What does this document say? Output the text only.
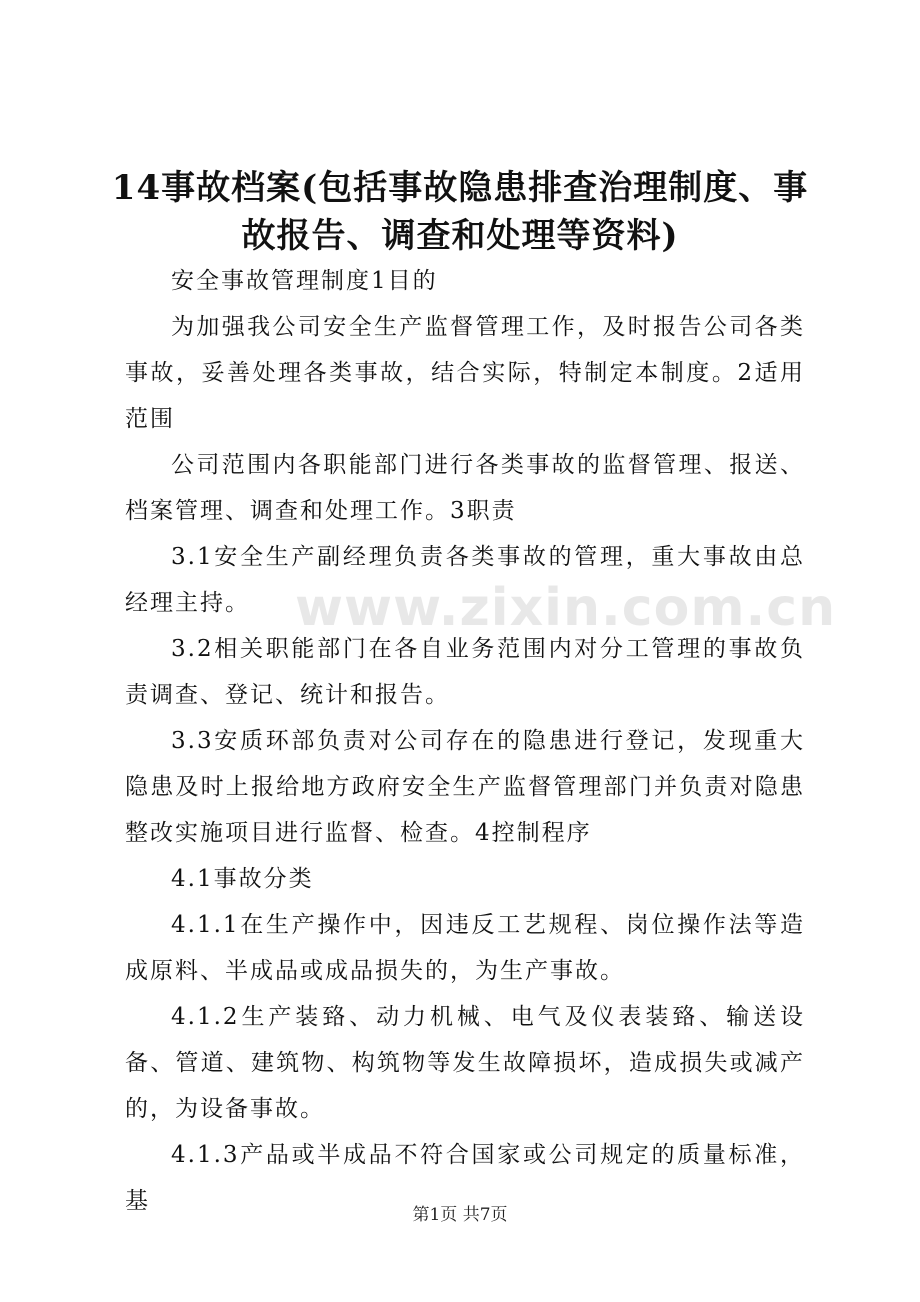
14事故档案(包括事故隐患排查治理制度、事故报告、调查和处理等资料)

安全事故管理制度1目的

为加强我公司安全生产监督管理工作，及时报告公司各类事故，妥善处理各类事故，结合实际，特制定本制度。2适用范围

公司范围内各职能部门进行各类事故的监督管理、报送、档案管理、调查和处理工作。3职责

3.1安全生产副经理负责各类事故的管理，重大事故由总经理主持。

3.2相关职能部门在各自业务范围内对分工管理的事故负责调查、登记、统计和报告。

3.3安质环部负责对公司存在的隐患进行登记，发现重大隐患及时上报给地方政府安全生产监督管理部门并负责对隐患整改实施项目进行监督、检查。4控制程序

4.1事故分类

4.1.1在生产操作中，因违反工艺规程、岗位操作法等造成原料、半成品或成品损失的，为生产事故。

4.1.2生产装臵、动力机械、电气及仪表装臵、输送设备、管道、建筑物、构筑物等发生故障损坏，造成损失或减产的，为设备事故。

4.1.3产品或半成品不符合国家或公司规定的质量标准，基

www.zixin.com.cn
第1页 共7页
